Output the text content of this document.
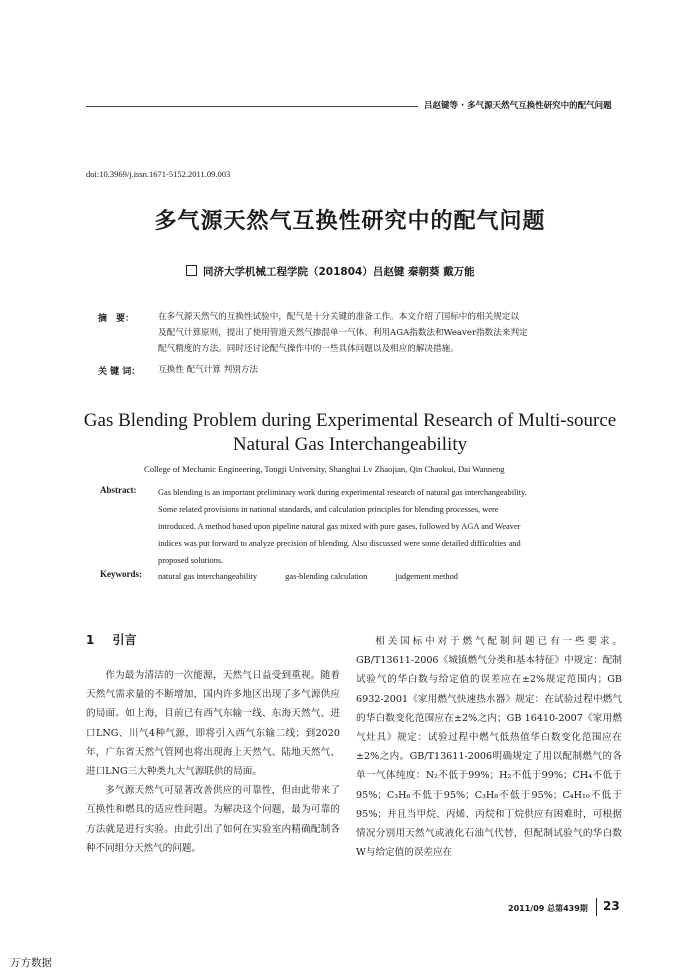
吕赵键等 · 多气源天然气互换性研究中的配气问题
doi:10.3969/j.issn.1671-5152.2011.09.003
多气源天然气互换性研究中的配气问题
同济大学机械工程学院（201804）吕赵键 秦朝葵 戴万能
摘　要：	在多气源天然气的互换性试验中，配气是十分关键的准备工作。本文介绍了国标中的相关规定以
及配气计算原则，提出了使用管道天然气掺混单一气体、利用AGA指数法和Weaver指数法来判定
配气精度的方法。同时还讨论配气操作中的一些具体问题以及相应的解决措施。
关 键 词： 互换性 配气计算 判别方法
Gas Blending Problem during Experimental Research of Multi-source
Natural Gas Interchangeability
College of Mechanic Engineering, Tongji University, Shanghai Lv Zhaojian, Qin Chaokui, Dai Wanneng
Abstract:	Gas blending is an important preliminary work during experimental research of natural gas interchangeability.
Some related provisions in national standards, and calculation principles for blending processes, were
introduced. A method based upon pipeline natural gas mixed with pure gases, followed by AGA and Weaver
indices was put forward to analyze precision of blending. Also discussed were some detailed difficulties and
proposed solutions.
Keywords: natural gas interchangeability	gas-blending calculation	judgement method
1 引言

作为最为清洁的一次能源，天然气日益受到重视。随着天然气需求量的不断增加，国内许多地区出现了多气源供应的局面。如上海，目前已有西气东输一线、东海天然气、进口LNG、川气4种气源，即将引入西气东输二线；到2020年，广东省天然气管网也将出现海上天然气、陆地天然气、进口LNG三大种类九大气源联供的局面。

多气源天然气可显著改善供应的可靠性，但由此带来了互换性和燃具的适应性问题。为解决这个问题，最为可靠的方法就是进行实验。由此引出了如何在实验室内精确配制各种不同组分天然气的问题。

相关国标中对于燃气配制问题已有一些要求。GB/T13611-2006《城镇燃气分类和基本特征》中规定：配制试验气的华白数与给定值的误差应在±2%规定范围内；GB 6932-2001《家用燃气快速热水器》规定：在试验过程中燃气的华白数变化范围应在±2%之内；GB 16410-2007《家用燃气灶具》规定：试验过程中燃气低热值华白数变化范围应在±2%之内。GB/T13611-2006明确规定了用以配制燃气的各单一气体纯度：N₂不低于99%；H₂不低于99%；CH₄不低于95%；C₃H₆不低于95%；C₃H₈不低于95%；C₄H₁₀不低于95%；并且当甲烷、丙烯、丙烷和丁烷供应有困难时，可根据情况分别用天然气或液化石油气代替，但配制试验气的华白数W与给定值的误差应在

2011/09 总第439期 23
万方数据
